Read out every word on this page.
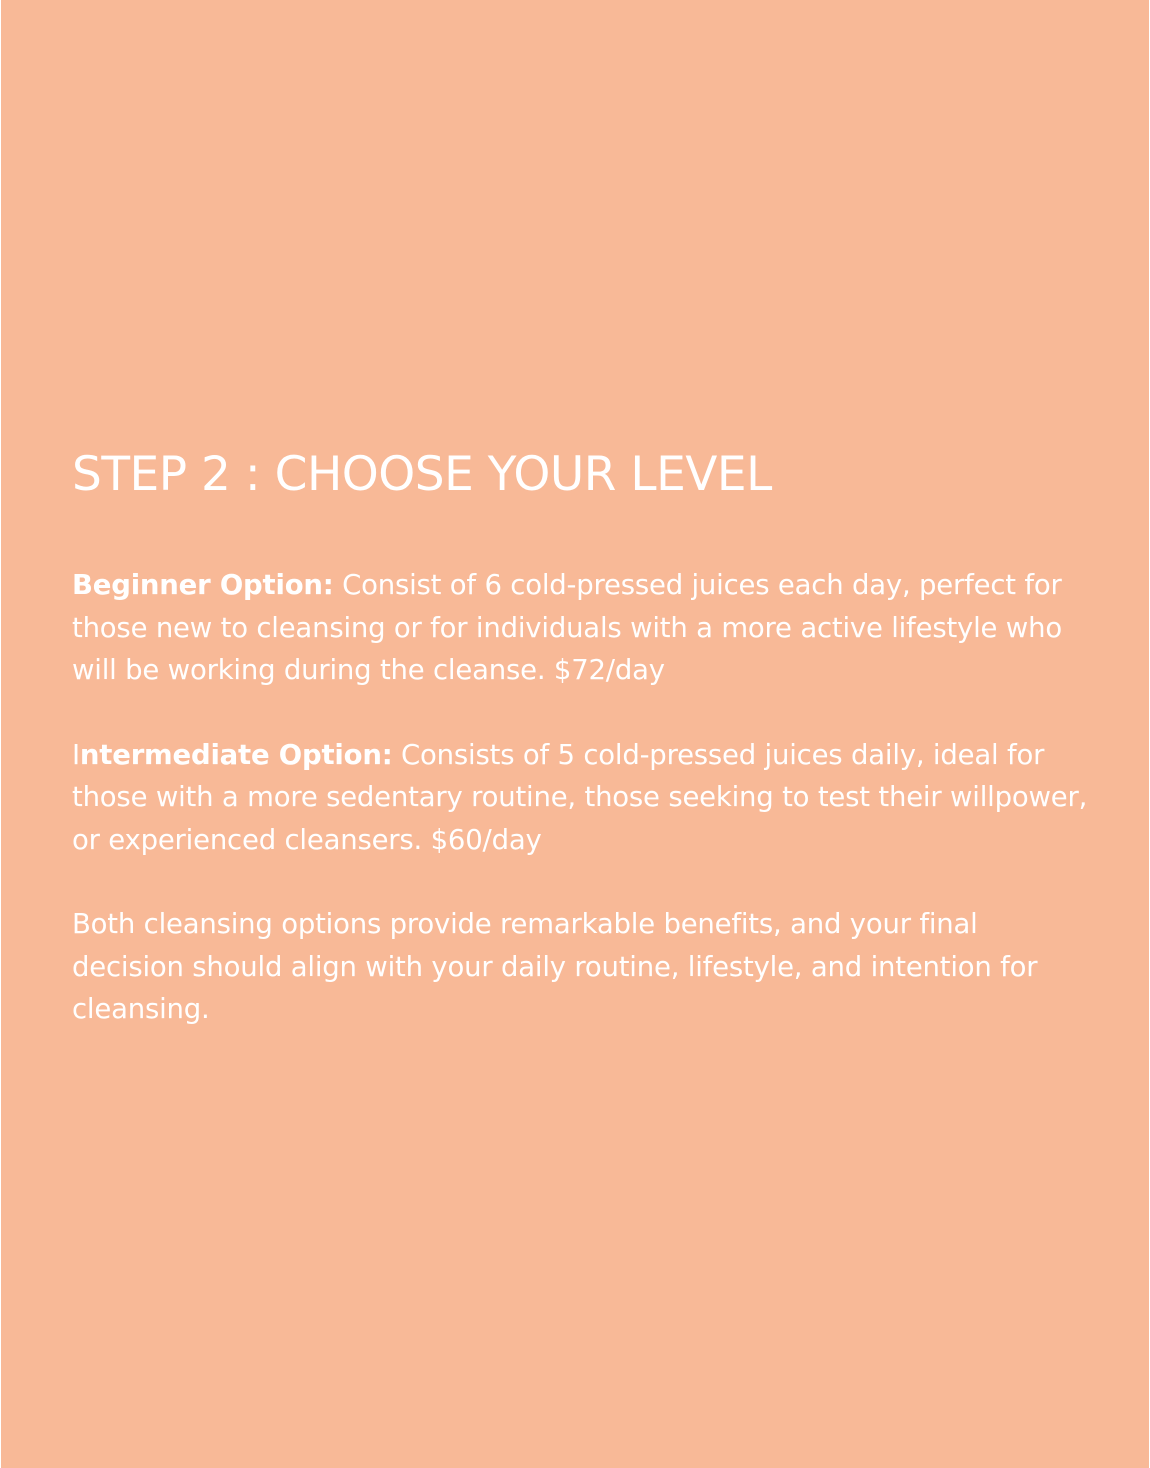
STEP 2 : CHOOSE YOUR LEVEL

Beginner Option: Consist of 6 cold-pressed juices each day, perfect for those new to cleansing or for individuals with a more active lifestyle who will be working during the cleanse. $72/day

Intermediate Option: Consists of 5 cold-pressed juices daily, ideal for those with a more sedentary routine, those seeking to test their willpower, or experienced cleansers. $60/day

Both cleansing options provide remarkable benefits, and your final decision should align with your daily routine, lifestyle, and intention for cleansing.
